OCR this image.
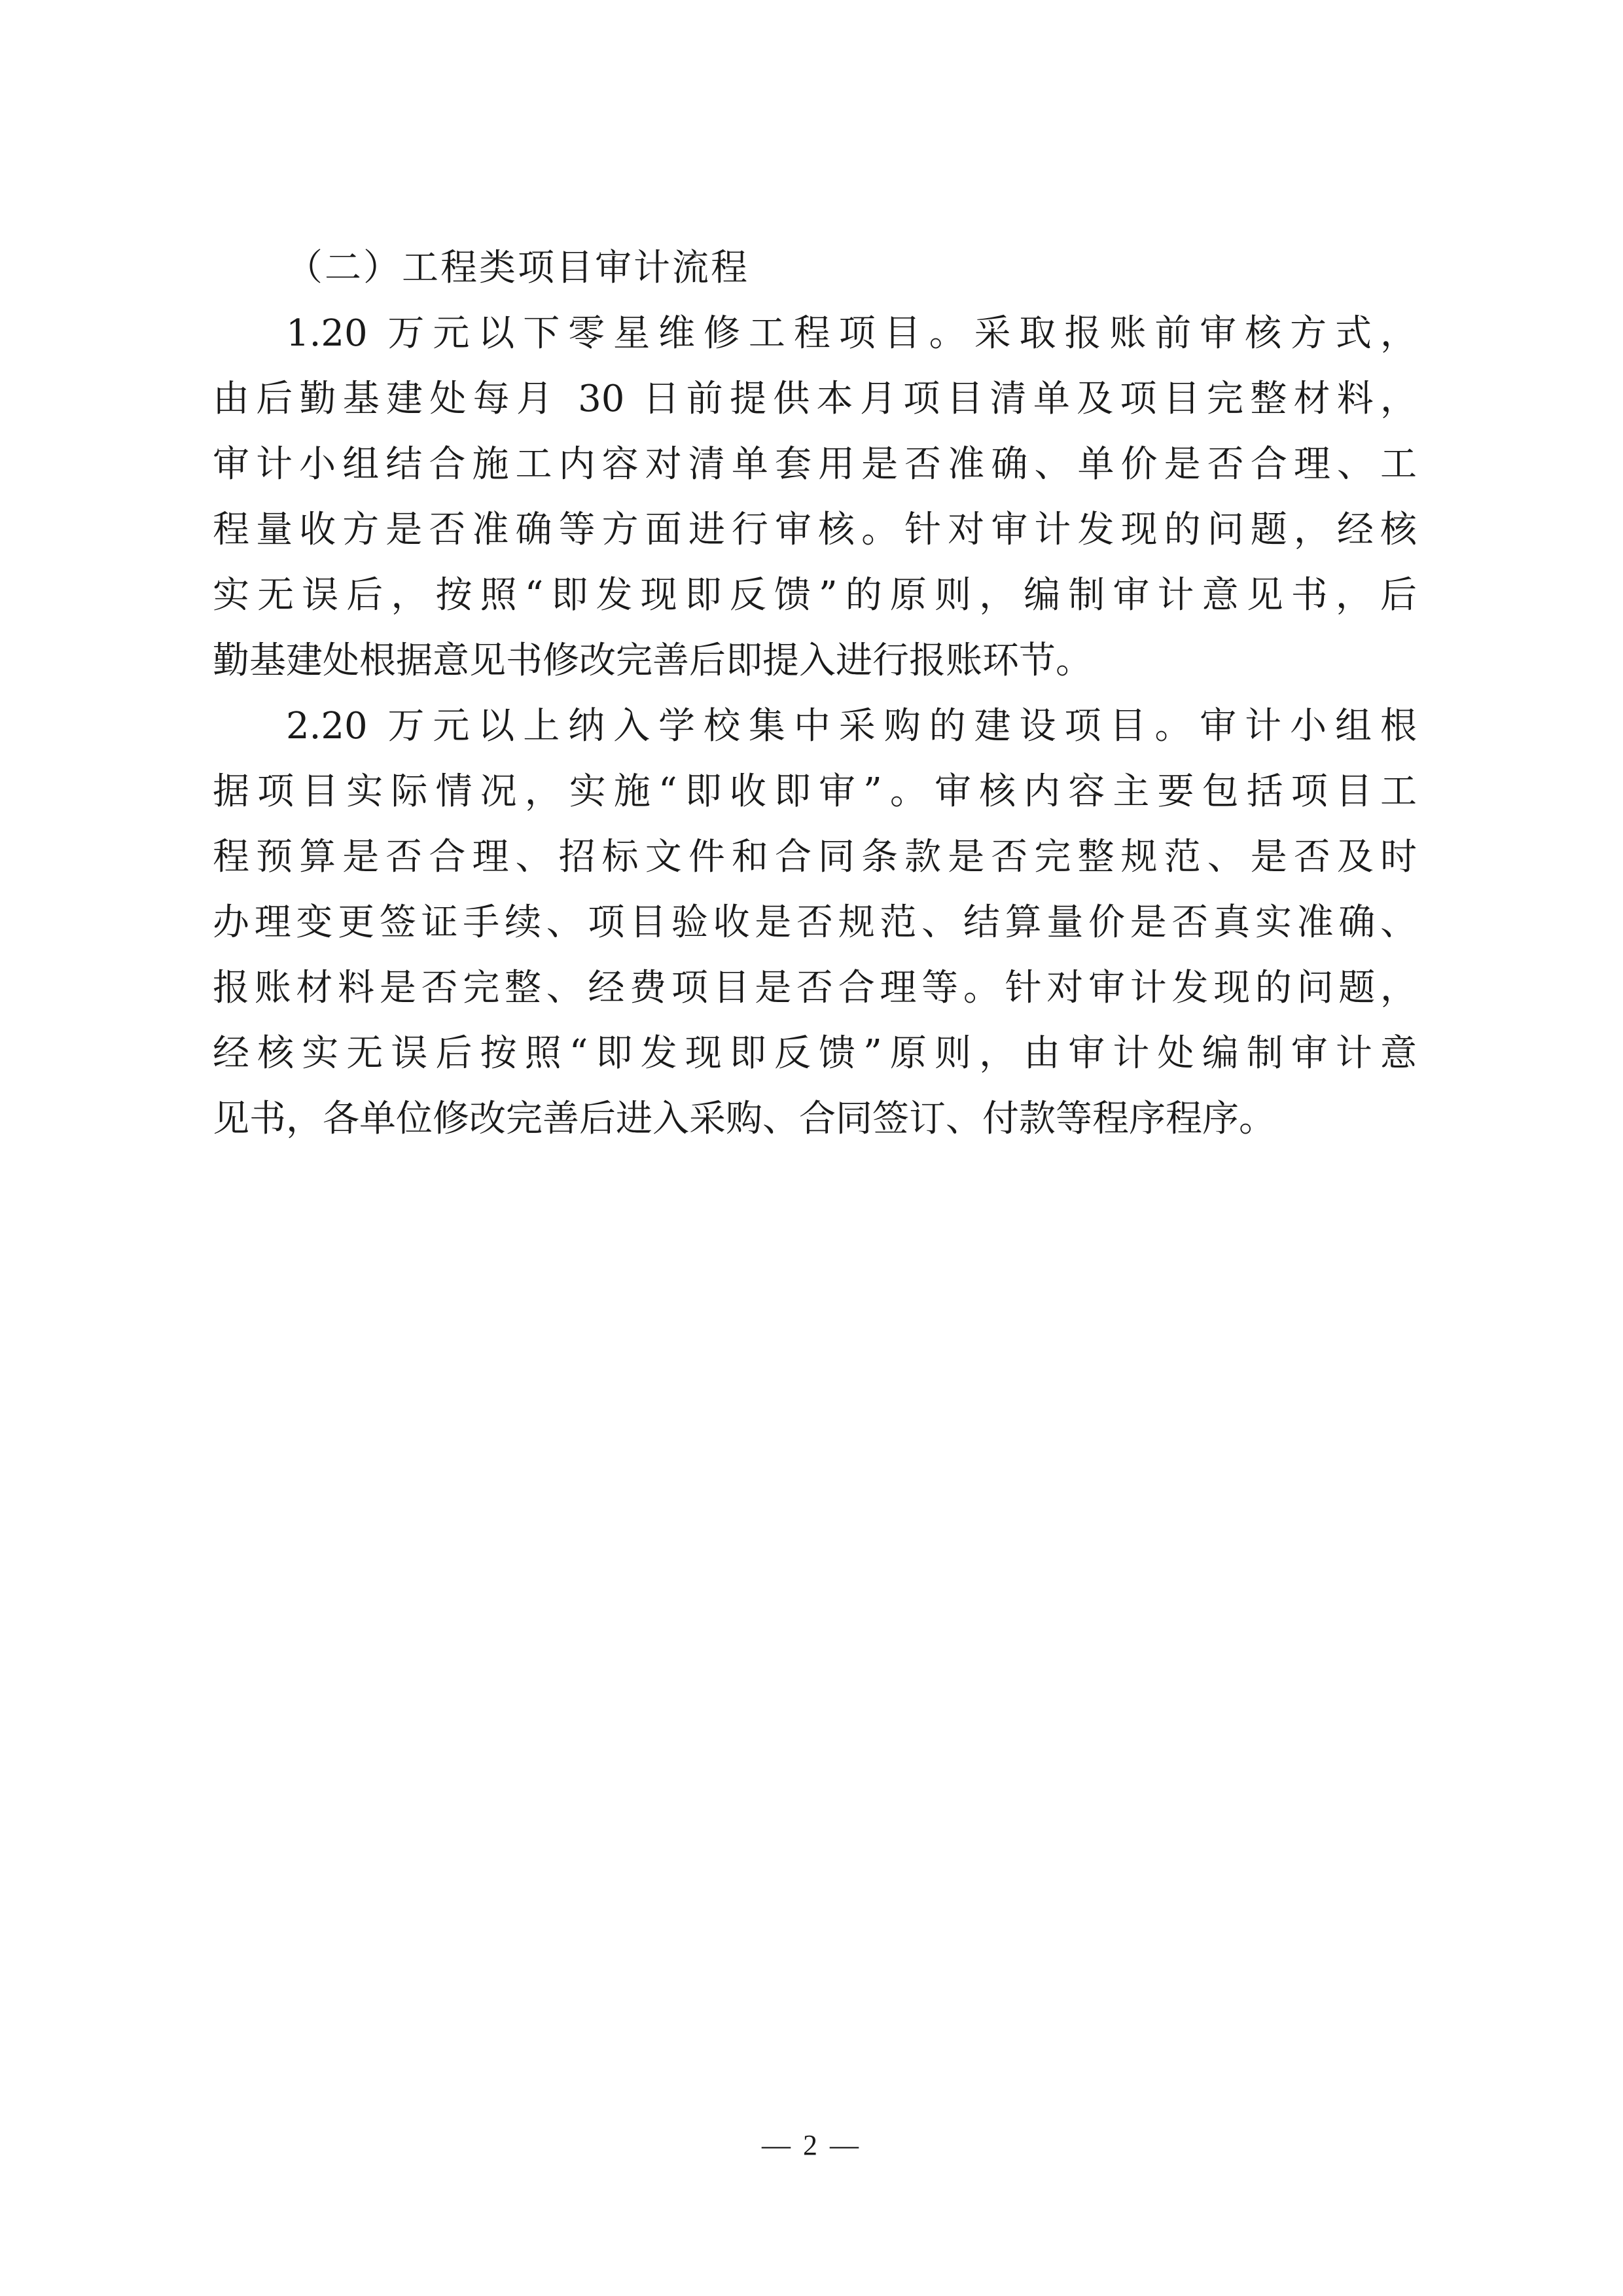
（二）工程类项目审计流程

1.20 万元以下零星维修工程项目。采取报账前审核方式，

由后勤基建处每月 30 日前提供本月项目清单及项目完整材料，

审计小组结合施工内容对清单套用是否准确、单价是否合理、工

程量收方是否准确等方面进行审核。针对审计发现的问题，经核

实无误后，按照“即发现即反馈”的原则，编制审计意见书，后

勤基建处根据意见书修改完善后即提入进行报账环节。

2.20 万元以上纳入学校集中采购的建设项目。审计小组根

据项目实际情况，实施“即收即审”。审核内容主要包括项目工

程预算是否合理、招标文件和合同条款是否完整规范、是否及时

办理变更签证手续、项目验收是否规范、结算量价是否真实准确、

报账材料是否完整、经费项目是否合理等。针对审计发现的问题，

经核实无误后按照“即发现即反馈”原则，由审计处编制审计意

见书，各单位修改完善后进入采购、合同签订、付款等程序程序。

— 2 —
